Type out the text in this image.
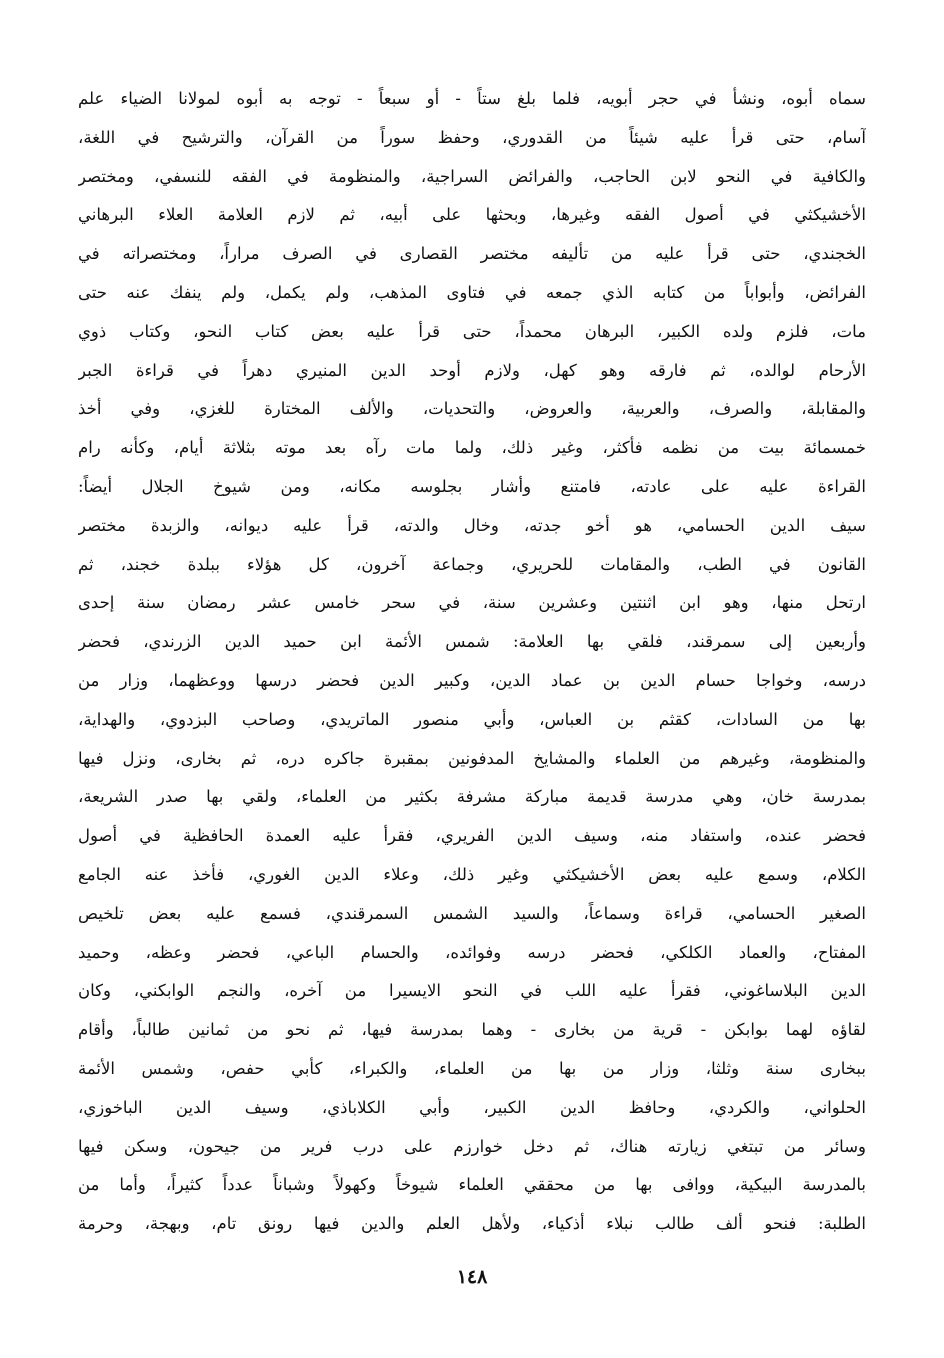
سماه أبوه، ونشأ في حجر أبويه، فلما بلغ ستاً - أو سبعاً - توجه به أبوه لمولانا الضياء علم
آسام، حتى قرأ عليه شيئاً من القدوري، وحفظ سوراً من القرآن، والترشيح في اللغة،
والكافية في النحو لابن الحاجب، والفرائض السراجية، والمنظومة في الفقه للنسفي، ومختصر
الأخشيكثي في أصول الفقه وغيرها، وبحثها على أبيه، ثم لازم العلامة العلاء البرهاني
الخجندي، حتى قرأ عليه من تأليفه مختصر القصارى في الصرف مراراً، ومختصراته في
الفرائض، وأبواباً من كتابه الذي جمعه في فتاوى المذهب، ولم يكمل، ولم ينفك عنه حتى
مات، فلزم ولده الكبير، البرهان محمداً، حتى قرأ عليه بعض كتاب النحو، وكتاب ذوي
الأرحام لوالده، ثم فارقه وهو كهل، ولازم أوحد الدين المنيري دهراً في قراءة الجبر
والمقابلة، والصرف، والعربية، والعروض، والتحديات، والألف المختارة للغزي، وفي أخذ
خمسمائة بيت من نظمه فأكثر، وغير ذلك، ولما مات رآه بعد موته بثلاثة أيام، وكأنه رام
القراءة عليه على عادته، فامتنع وأشار بجلوسه مكانه، ومن شيوخ الجلال أيضاً:
سيف الدين الحسامي، هو أخو جدته، وخال والدته، قرأ عليه ديوانه، والزبدة مختصر
القانون في الطب، والمقامات للحريري، وجماعة آخرون، كل هؤلاء ببلدة خجند، ثم
ارتحل منها، وهو ابن اثنتين وعشرين سنة، في سحر خامس عشر رمضان سنة إحدى
وأربعين إلى سمرقند، فلقي بها العلامة: شمس الأئمة ابن حميد الدين الزرندي، فحضر
درسه، وخواجا حسام الدين بن عماد الدين، وكبير الدين فحضر درسها ووعظهما، وزار من
بها من السادات، كقثم بن العباس، وأبي منصور الماتريدي، وصاحب البزدوي، والهداية،
والمنظومة، وغيرهم من العلماء والمشايخ المدفونين بمقبرة جاكره دره، ثم بخارى، ونزل فيها
بمدرسة خان، وهي مدرسة قديمة مباركة مشرفة بكثير من العلماء، ولقي بها صدر الشريعة،
فحضر عنده، واستفاد منه، وسيف الدين الفريري، فقرأ عليه العمدة الحافظية في أصول
الكلام، وسمع عليه بعض الأخشيكثي وغير ذلك، وعلاء الدين الغوري، فأخذ عنه الجامع
الصغير الحسامي، قراءة وسماعاً، والسيد الشمس السمرقندي، فسمع عليه بعض تلخيص
المفتاح، والعماد الكلكي، فحضر درسه وفوائده، والحسام الباعي، فحضر وعظه، وحميد
الدين البلاساغوني، فقرأ عليه اللب في النحو الايسيرا من آخره، والنجم الوابكني، وكان
لقاؤه لهما بوابكن - قرية من بخارى - وهما بمدرسة فيها، ثم نحو من ثمانين طالباً، وأقام
ببخارى سنة وثلثا، وزار من بها من العلماء، والكبراء، كأبي حفص، وشمس الأئمة
الحلواني، والكردي، وحافظ الدين الكبير، وأبي الكلاباذي، وسيف الدين الباخوزي،
وسائر من تبتغي زيارته هناك، ثم دخل خوارزم على درب فرير من جيحون، وسكن فيها
بالمدرسة البيكية، ووافى بها من محققي العلماء شيوخاً وكهولاً وشباناً عدداً كثيراً، وأما من
الطلبة: فنحو ألف طالب نبلاء أذكياء، ولأهل العلم والدين فيها رونق تام، وبهجة، وحرمة
١٤٨
